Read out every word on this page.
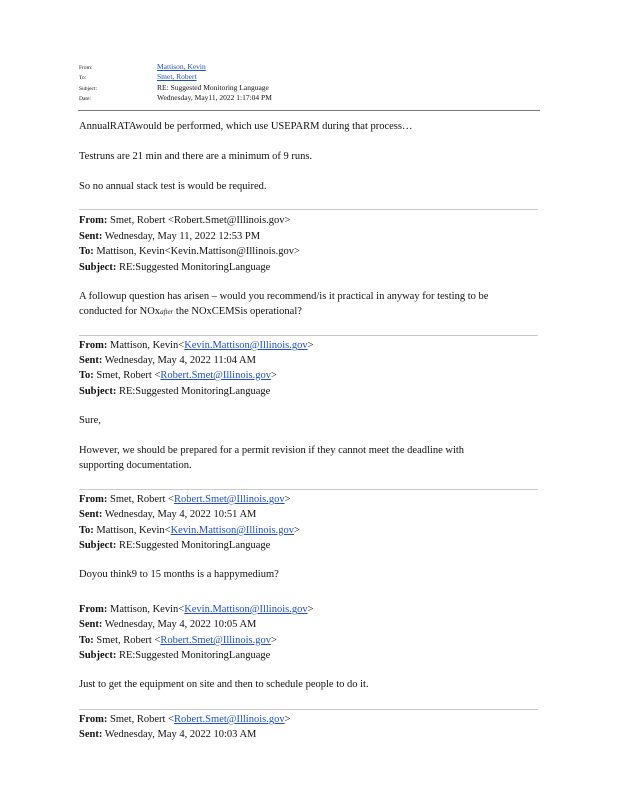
From:	Mattison, Kevin
To:	Smet, Robert
Subject:	RE: Suggested Monitoring Language
Date:	Wednesday, May11, 2022 1:17:04 PM
AnnualRATAwould be performed, which use USEPARM during that process…
Testruns are 21 min and there are a minimum of 9 runs.
So no annual stack test is would be required.
From: Smet, Robert <Robert.Smet@Illinois.gov>
Sent: Wednesday, May 11, 2022 12:53 PM
To: Mattison, Kevin<Kevin.Mattison@Illinois.gov>
Subject: RE:Suggested MonitoringLanguage
A followup question has arisen – would you recommend/is it practical in anyway for testing to be
conducted for NOxafter the NOxCEMSis operational?
From: Mattison, Kevin<Kevin.Mattison@Illinois.gov>
Sent: Wednesday, May 4, 2022 11:04 AM
To: Smet, Robert <Robert.Smet@Illinois.gov>
Subject: RE:Suggested MonitoringLanguage
Sure,
However, we should be prepared for a permit revision if they cannot meet the deadline with
supporting documentation.
From: Smet, Robert <Robert.Smet@Illinois.gov>
Sent: Wednesday, May 4, 2022 10:51 AM
To: Mattison, Kevin<Kevin.Mattison@Illinois.gov>
Subject: RE:Suggested MonitoringLanguage
Doyou think9 to 15 months is a happymedium?
From: Mattison, Kevin<Kevin.Mattison@Illinois.gov>
Sent: Wednesday, May 4, 2022 10:05 AM
To: Smet, Robert <Robert.Smet@Illinois.gov>
Subject: RE:Suggested MonitoringLanguage
Just to get the equipment on site and then to schedule people to do it.
From: Smet, Robert <Robert.Smet@Illinois.gov>
Sent: Wednesday, May 4, 2022 10:03 AM
